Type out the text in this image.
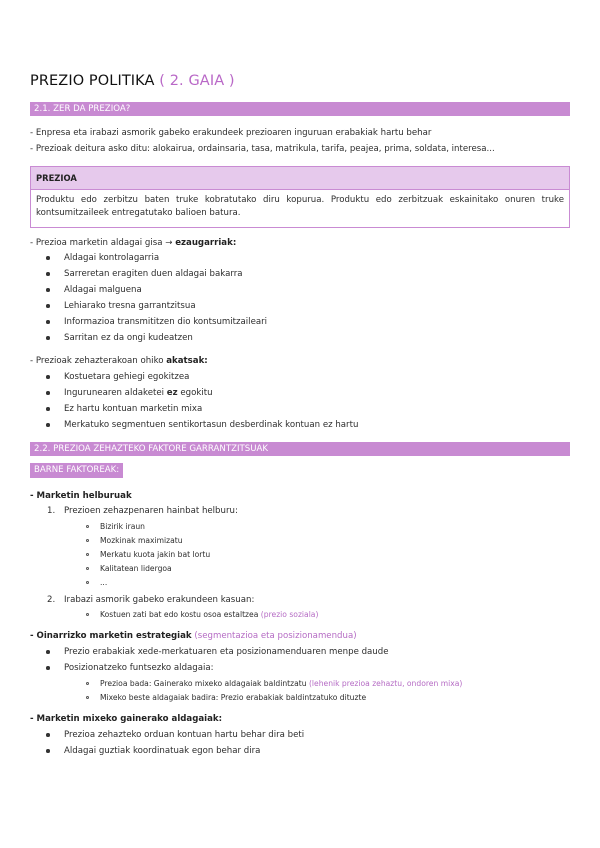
PREZIO POLITIKA ( 2. GAIA )
2.1. ZER DA PREZIOA?
- Enpresa eta irabazi asmorik gabeko erakundeek prezioaren inguruan erabakiak hartu behar
- Prezioak deitura asko ditu: alokairua, ordainsaria, tasa, matrikula, tarifa, peajea, prima, soldata, interesa...
PREZIOA
Produktu edo zerbitzu baten truke kobratutako diru kopurua. Produktu edo zerbitzuak eskainitako onuren truke kontsumitzaileek entregatutako balioen batura.
- Prezioa marketin aldagai gisa → ezaugarriak:
Aldagai kontrolagarria
Sarreretan eragiten duen aldagai bakarra
Aldagai malguena
Lehiarako tresna garrantzitsua
Informazioa transmititzen dio kontsumitzaileari
Sarritan ez da ongi kudeatzen
- Prezioak zehazterakoan ohiko akatsak:
Kostuetara gehiegi egokitzea
Ingurunearen aldaketei ez egokitu
Ez hartu kontuan marketin mixa
Merkatuko segmentuen sentikortasun desberdinak kontuan ez hartu
2.2. PREZIOA ZEHAZTEKO FAKTORE GARRANTZITSUAK
BARNE FAKTOREAK:
- Marketin helburuak
1. Prezioen zehazpenaren hainbat helburu:
Bizirik iraun
Mozkinak maximizatu
Merkatu kuota jakin bat lortu
Kalitatean lidergoa
...
2. Irabazi asmorik gabeko erakundeen kasuan:
Kostuen zati bat edo kostu osoa estaltzea (prezio soziala)
- Oinarrizko marketin estrategiak (segmentazioa eta posizionamendua)
Prezio erabakiak xede-merkatuaren eta posizionamenduaren menpe daude
Posizionatzeko funtsezko aldagaia:
Prezioa bada: Gainerako mixeko aldagaiak baldintzatu (lehenik prezioa zehaztu, ondoren mixa)
Mixeko beste aldagaiak badira: Prezio erabakiak baldintzatuko dituzte
- Marketin mixeko gainerako aldagaiak:
Prezioa zehazteko orduan kontuan hartu behar dira beti
Aldagai guztiak koordinatuak egon behar dira
